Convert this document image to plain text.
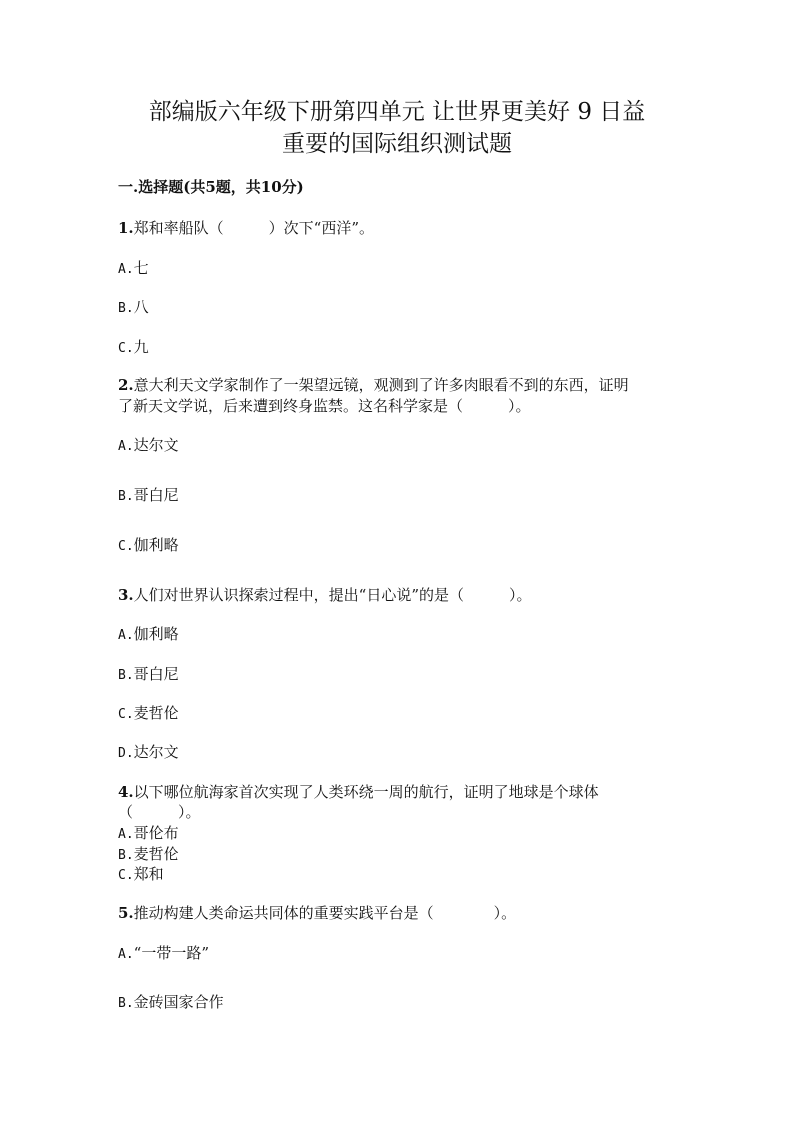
部编版六年级下册第四单元 让世界更美好 9 日益
重要的国际组织测试题
一.选择题(共5题，共10分)
1.郑和率船队（　　　）次下“西洋”。
A.七
B.八
C.九
2.意大利天文学家制作了一架望远镜，观测到了许多肉眼看不到的东西，证明
了新天文学说，后来遭到终身监禁。这名科学家是（　　　）。
A.达尔文
B.哥白尼
C.伽利略
3.人们对世界认识探索过程中，提出“日心说”的是（　　　）。
A.伽利略
B.哥白尼
C.麦哲伦
D.达尔文
4.以下哪位航海家首次实现了人类环绕一周的航行，证明了地球是个球体
（　　　）。
A.哥伦布
B.麦哲伦
C.郑和
5.推动构建人类命运共同体的重要实践平台是（　　　　）。
A.“一带一路”
B.金砖国家合作
